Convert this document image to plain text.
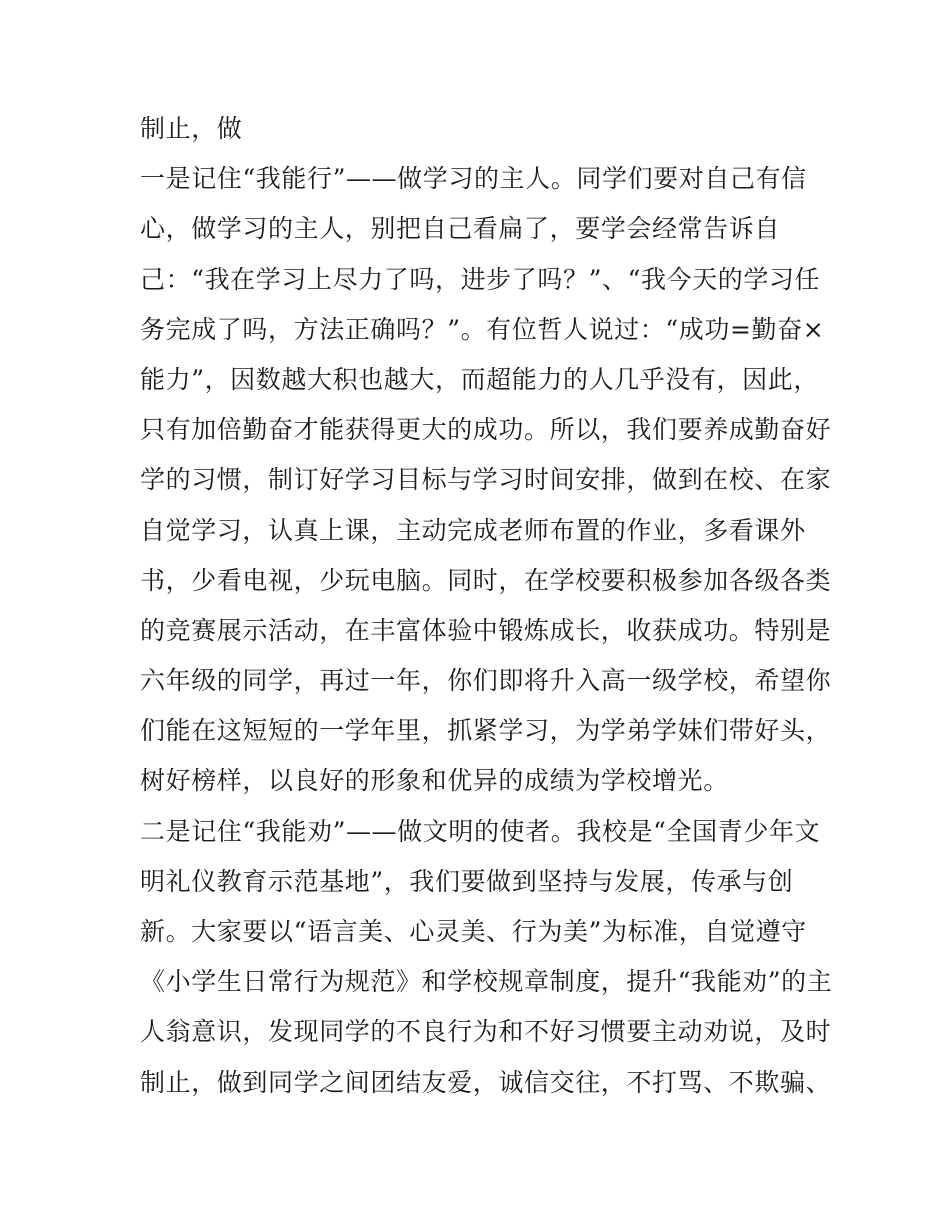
制止，做
一是记住“我能行”——做学习的主人。同学们要对自己有信
心，做学习的主人，别把自己看扁了，要学会经常告诉自
己：“我在学习上尽力了吗，进步了吗？”、“我今天的学习任
务完成了吗，方法正确吗？”。有位哲人说过：“成功=勤奋×
能力”，因数越大积也越大，而超能力的人几乎没有，因此，
只有加倍勤奋才能获得更大的成功。所以，我们要养成勤奋好
学的习惯，制订好学习目标与学习时间安排，做到在校、在家
自觉学习，认真上课，主动完成老师布置的作业，多看课外
书，少看电视，少玩电脑。同时，在学校要积极参加各级各类
的竞赛展示活动，在丰富体验中锻炼成长，收获成功。特别是
六年级的同学，再过一年，你们即将升入高一级学校，希望你
们能在这短短的一学年里，抓紧学习，为学弟学妹们带好头，
树好榜样，以良好的形象和优异的成绩为学校增光。
二是记住“我能劝”——做文明的使者。我校是“全国青少年文
明礼仪教育示范基地”，我们要做到坚持与发展，传承与创
新。大家要以“语言美、心灵美、行为美”为标准，自觉遵守
《小学生日常行为规范》和学校规章制度，提升“我能劝”的主
人翁意识，发现同学的不良行为和不好习惯要主动劝说，及时
制止，做到同学之间团结友爱，诚信交往，不打骂、不欺骗、
